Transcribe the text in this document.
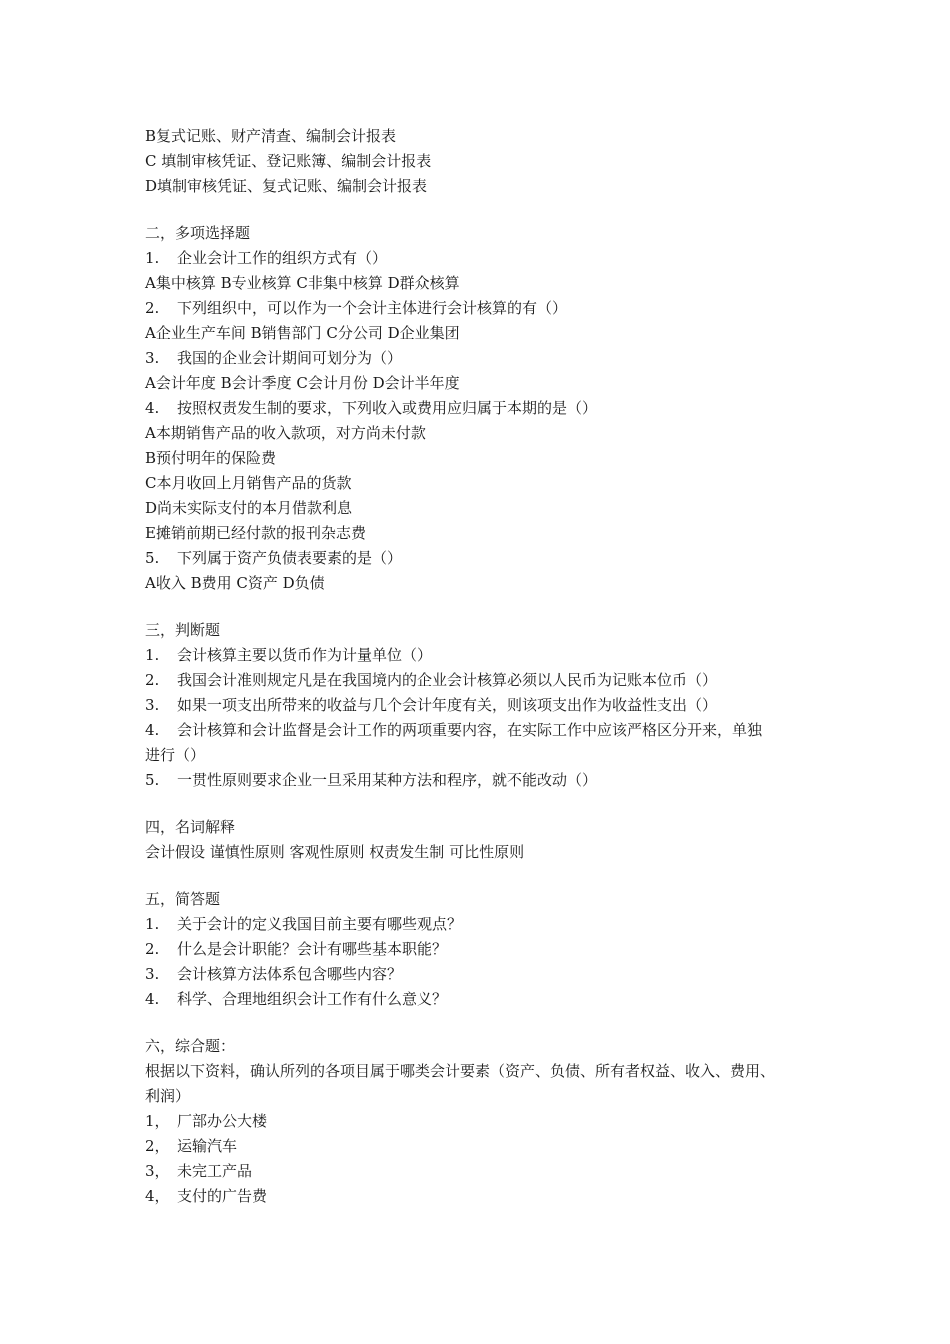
B复式记账、财产清查、编制会计报表
C 填制审核凭证、登记账簿、编制会计报表
D填制审核凭证、复式记账、编制会计报表
二，多项选择题
1. 企业会计工作的组织方式有（）
A集中核算 B专业核算 C非集中核算 D群众核算
2. 下列组织中，可以作为一个会计主体进行会计核算的有（）
A企业生产车间 B销售部门 C分公司 D企业集团
3. 我国的企业会计期间可划分为（）
A会计年度 B会计季度 C会计月份 D会计半年度
4. 按照权责发生制的要求，下列收入或费用应归属于本期的是（）
A本期销售产品的收入款项，对方尚未付款
B预付明年的保险费
C本月收回上月销售产品的货款
D尚未实际支付的本月借款利息
E摊销前期已经付款的报刊杂志费
5. 下列属于资产负债表要素的是（）
A收入 B费用 C资产 D负债
三，判断题
1. 会计核算主要以货币作为计量单位（）
2. 我国会计准则规定凡是在我国境内的企业会计核算必须以人民币为记账本位币（）
3. 如果一项支出所带来的收益与几个会计年度有关，则该项支出作为收益性支出（）
4. 会计核算和会计监督是会计工作的两项重要内容，在实际工作中应该严格区分开来，单独
进行（）
5. 一贯性原则要求企业一旦采用某种方法和程序，就不能改动（）
四，名词解释
会计假设 谨慎性原则 客观性原则 权责发生制 可比性原则
五，简答题
1. 关于会计的定义我国目前主要有哪些观点？
2. 什么是会计职能？会计有哪些基本职能？
3. 会计核算方法体系包含哪些内容？
4. 科学、合理地组织会计工作有什么意义？
六，综合题：
根据以下资料，确认所列的各项目属于哪类会计要素（资产、负债、所有者权益、收入、费用、
利润）
1， 厂部办公大楼
2， 运输汽车
3， 未完工产品
4， 支付的广告费
